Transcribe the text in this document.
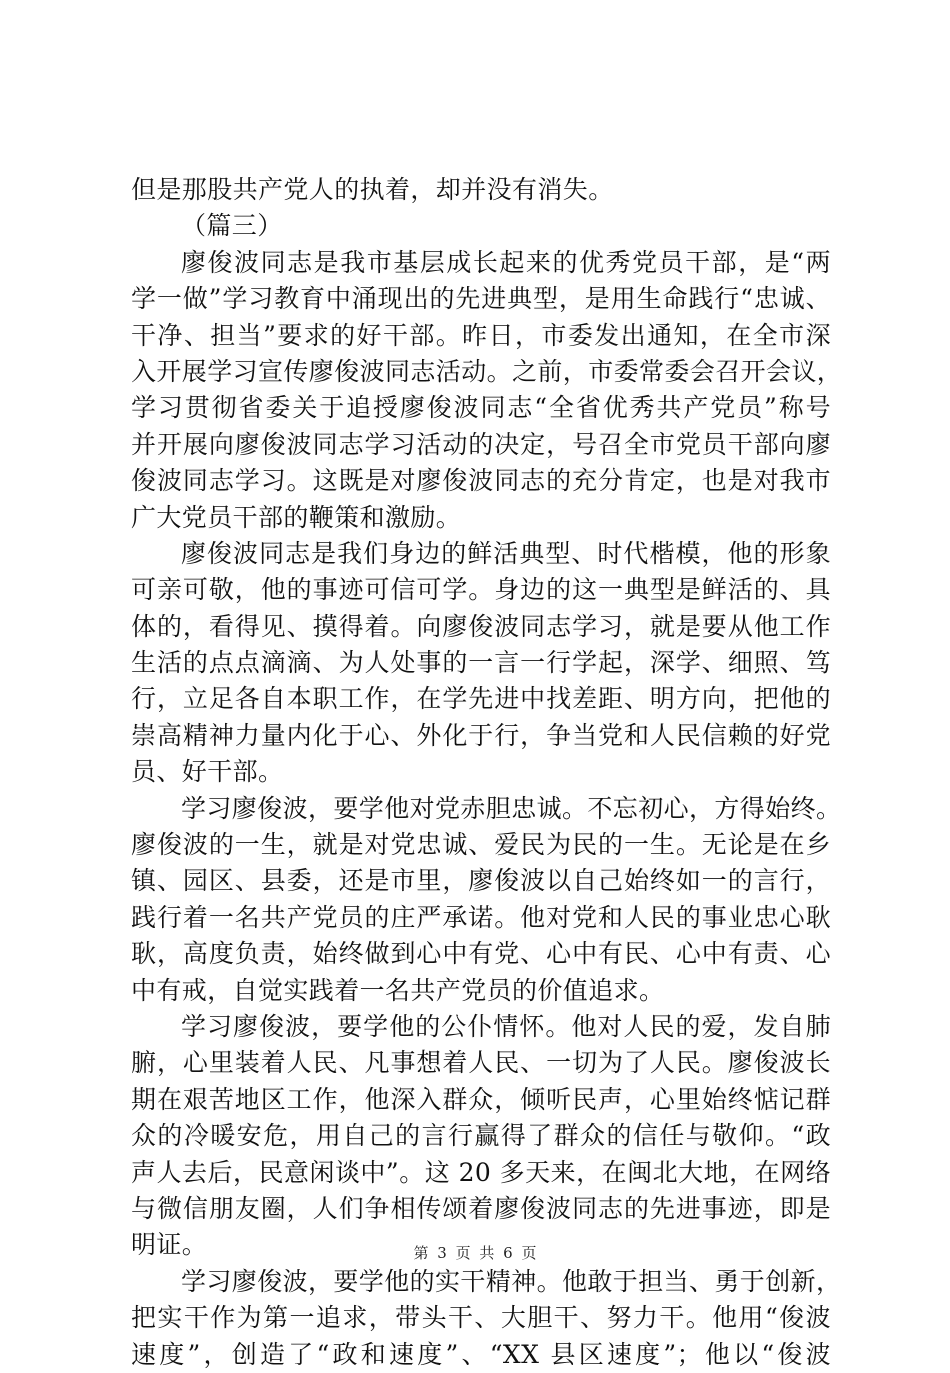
但是那股共产党人的执着，却并没有消失。
（篇三）
廖俊波同志是我市基层成长起来的优秀党员干部，是“两
学一做”学习教育中涌现出的先进典型，是用生命践行“忠诚、
干净、担当”要求的好干部。昨日，市委发出通知，在全市深
入开展学习宣传廖俊波同志活动。之前，市委常委会召开会议，
学习贯彻省委关于追授廖俊波同志“全省优秀共产党员”称号
并开展向廖俊波同志学习活动的决定，号召全市党员干部向廖
俊波同志学习。这既是对廖俊波同志的充分肯定，也是对我市
广大党员干部的鞭策和激励。
廖俊波同志是我们身边的鲜活典型、时代楷模，他的形象
可亲可敬，他的事迹可信可学。身边的这一典型是鲜活的、具
体的，看得见、摸得着。向廖俊波同志学习，就是要从他工作
生活的点点滴滴、为人处事的一言一行学起，深学、细照、笃
行，立足各自本职工作，在学先进中找差距、明方向，把他的
崇高精神力量内化于心、外化于行，争当党和人民信赖的好党
员、好干部。
学习廖俊波，要学他对党赤胆忠诚。不忘初心，方得始终。
廖俊波的一生，就是对党忠诚、爱民为民的一生。无论是在乡
镇、园区、县委，还是市里，廖俊波以自己始终如一的言行，
践行着一名共产党员的庄严承诺。他对党和人民的事业忠心耿
耿，高度负责，始终做到心中有党、心中有民、心中有责、心
中有戒，自觉实践着一名共产党员的价值追求。
学习廖俊波，要学他的公仆情怀。他对人民的爱，发自肺
腑，心里装着人民、凡事想着人民、一切为了人民。廖俊波长
期在艰苦地区工作，他深入群众，倾听民声，心里始终惦记群
众的冷暖安危，用自己的言行赢得了群众的信任与敬仰。“政
声人去后，民意闲谈中”。这 20 多天来，在闽北大地，在网络
与微信朋友圈，人们争相传颂着廖俊波同志的先进事迹，即是
明证。
学习廖俊波，要学他的实干精神。他敢于担当、勇于创新，
把实干作为第一追求，带头干、大胆干、努力干。他用“俊波
速度”，创造了“政和速度”、“XX 县区速度”；他以“俊波
第 3 页 共 6 页
